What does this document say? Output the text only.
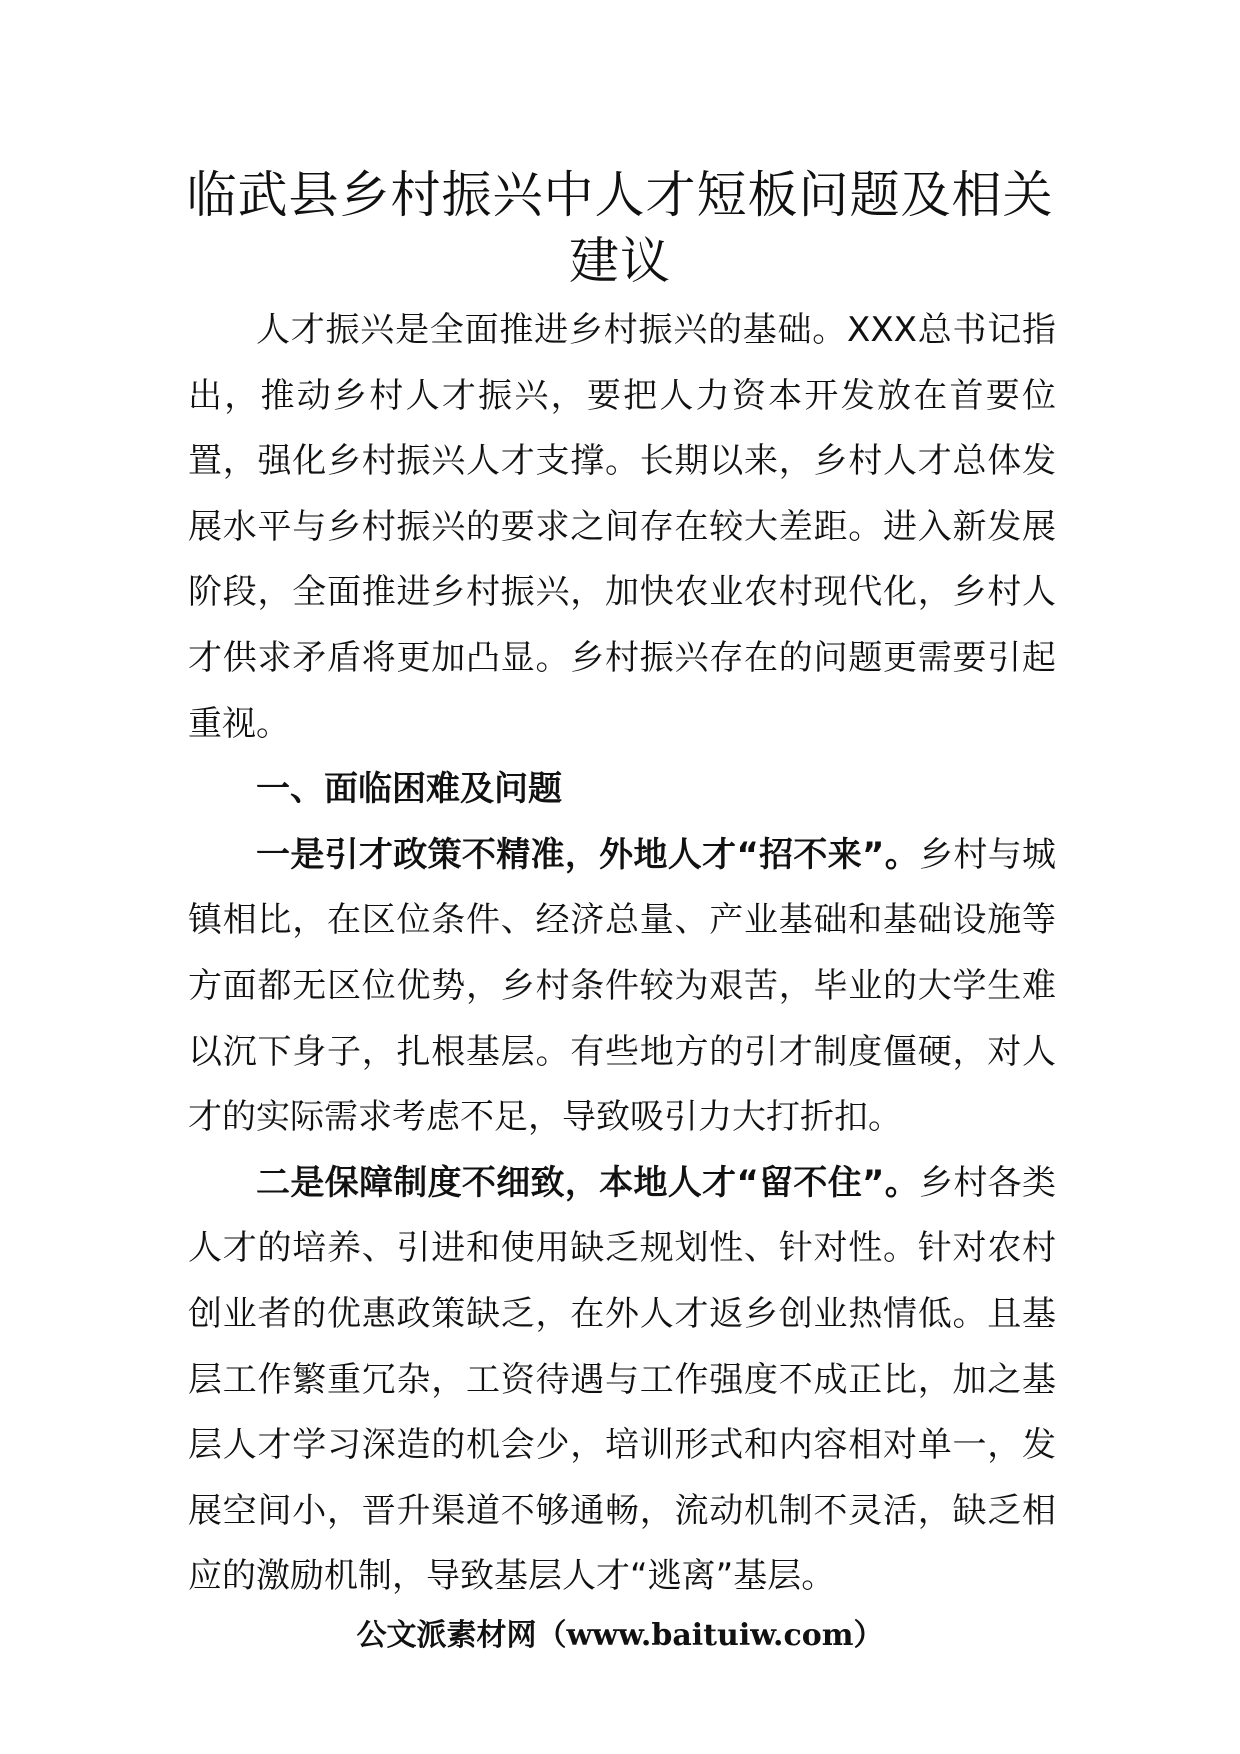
临武县乡村振兴中人才短板问题及相关建议

人才振兴是全面推进乡村振兴的基础。XXX总书记指出，推动乡村人才振兴，要把人力资本开发放在首要位置，强化乡村振兴人才支撑。长期以来，乡村人才总体发展水平与乡村振兴的要求之间存在较大差距。进入新发展阶段，全面推进乡村振兴，加快农业农村现代化，乡村人才供求矛盾将更加凸显。乡村振兴存在的问题更需要引起重视。

一、面临困难及问题

一是引才政策不精准，外地人才“招不来”。乡村与城镇相比，在区位条件、经济总量、产业基础和基础设施等方面都无区位优势，乡村条件较为艰苦，毕业的大学生难以沉下身子，扎根基层。有些地方的引才制度僵硬，对人才的实际需求考虑不足，导致吸引力大打折扣。

二是保障制度不细致，本地人才“留不住”。乡村各类人才的培养、引进和使用缺乏规划性、针对性。针对农村创业者的优惠政策缺乏，在外人才返乡创业热情低。且基层工作繁重冗杂，工资待遇与工作强度不成正比，加之基层人才学习深造的机会少，培训形式和内容相对单一，发展空间小，晋升渠道不够通畅，流动机制不灵活，缺乏相应的激励机制，导致基层人才“逃离”基层。

公文派素材网（www.baituiw.com）
